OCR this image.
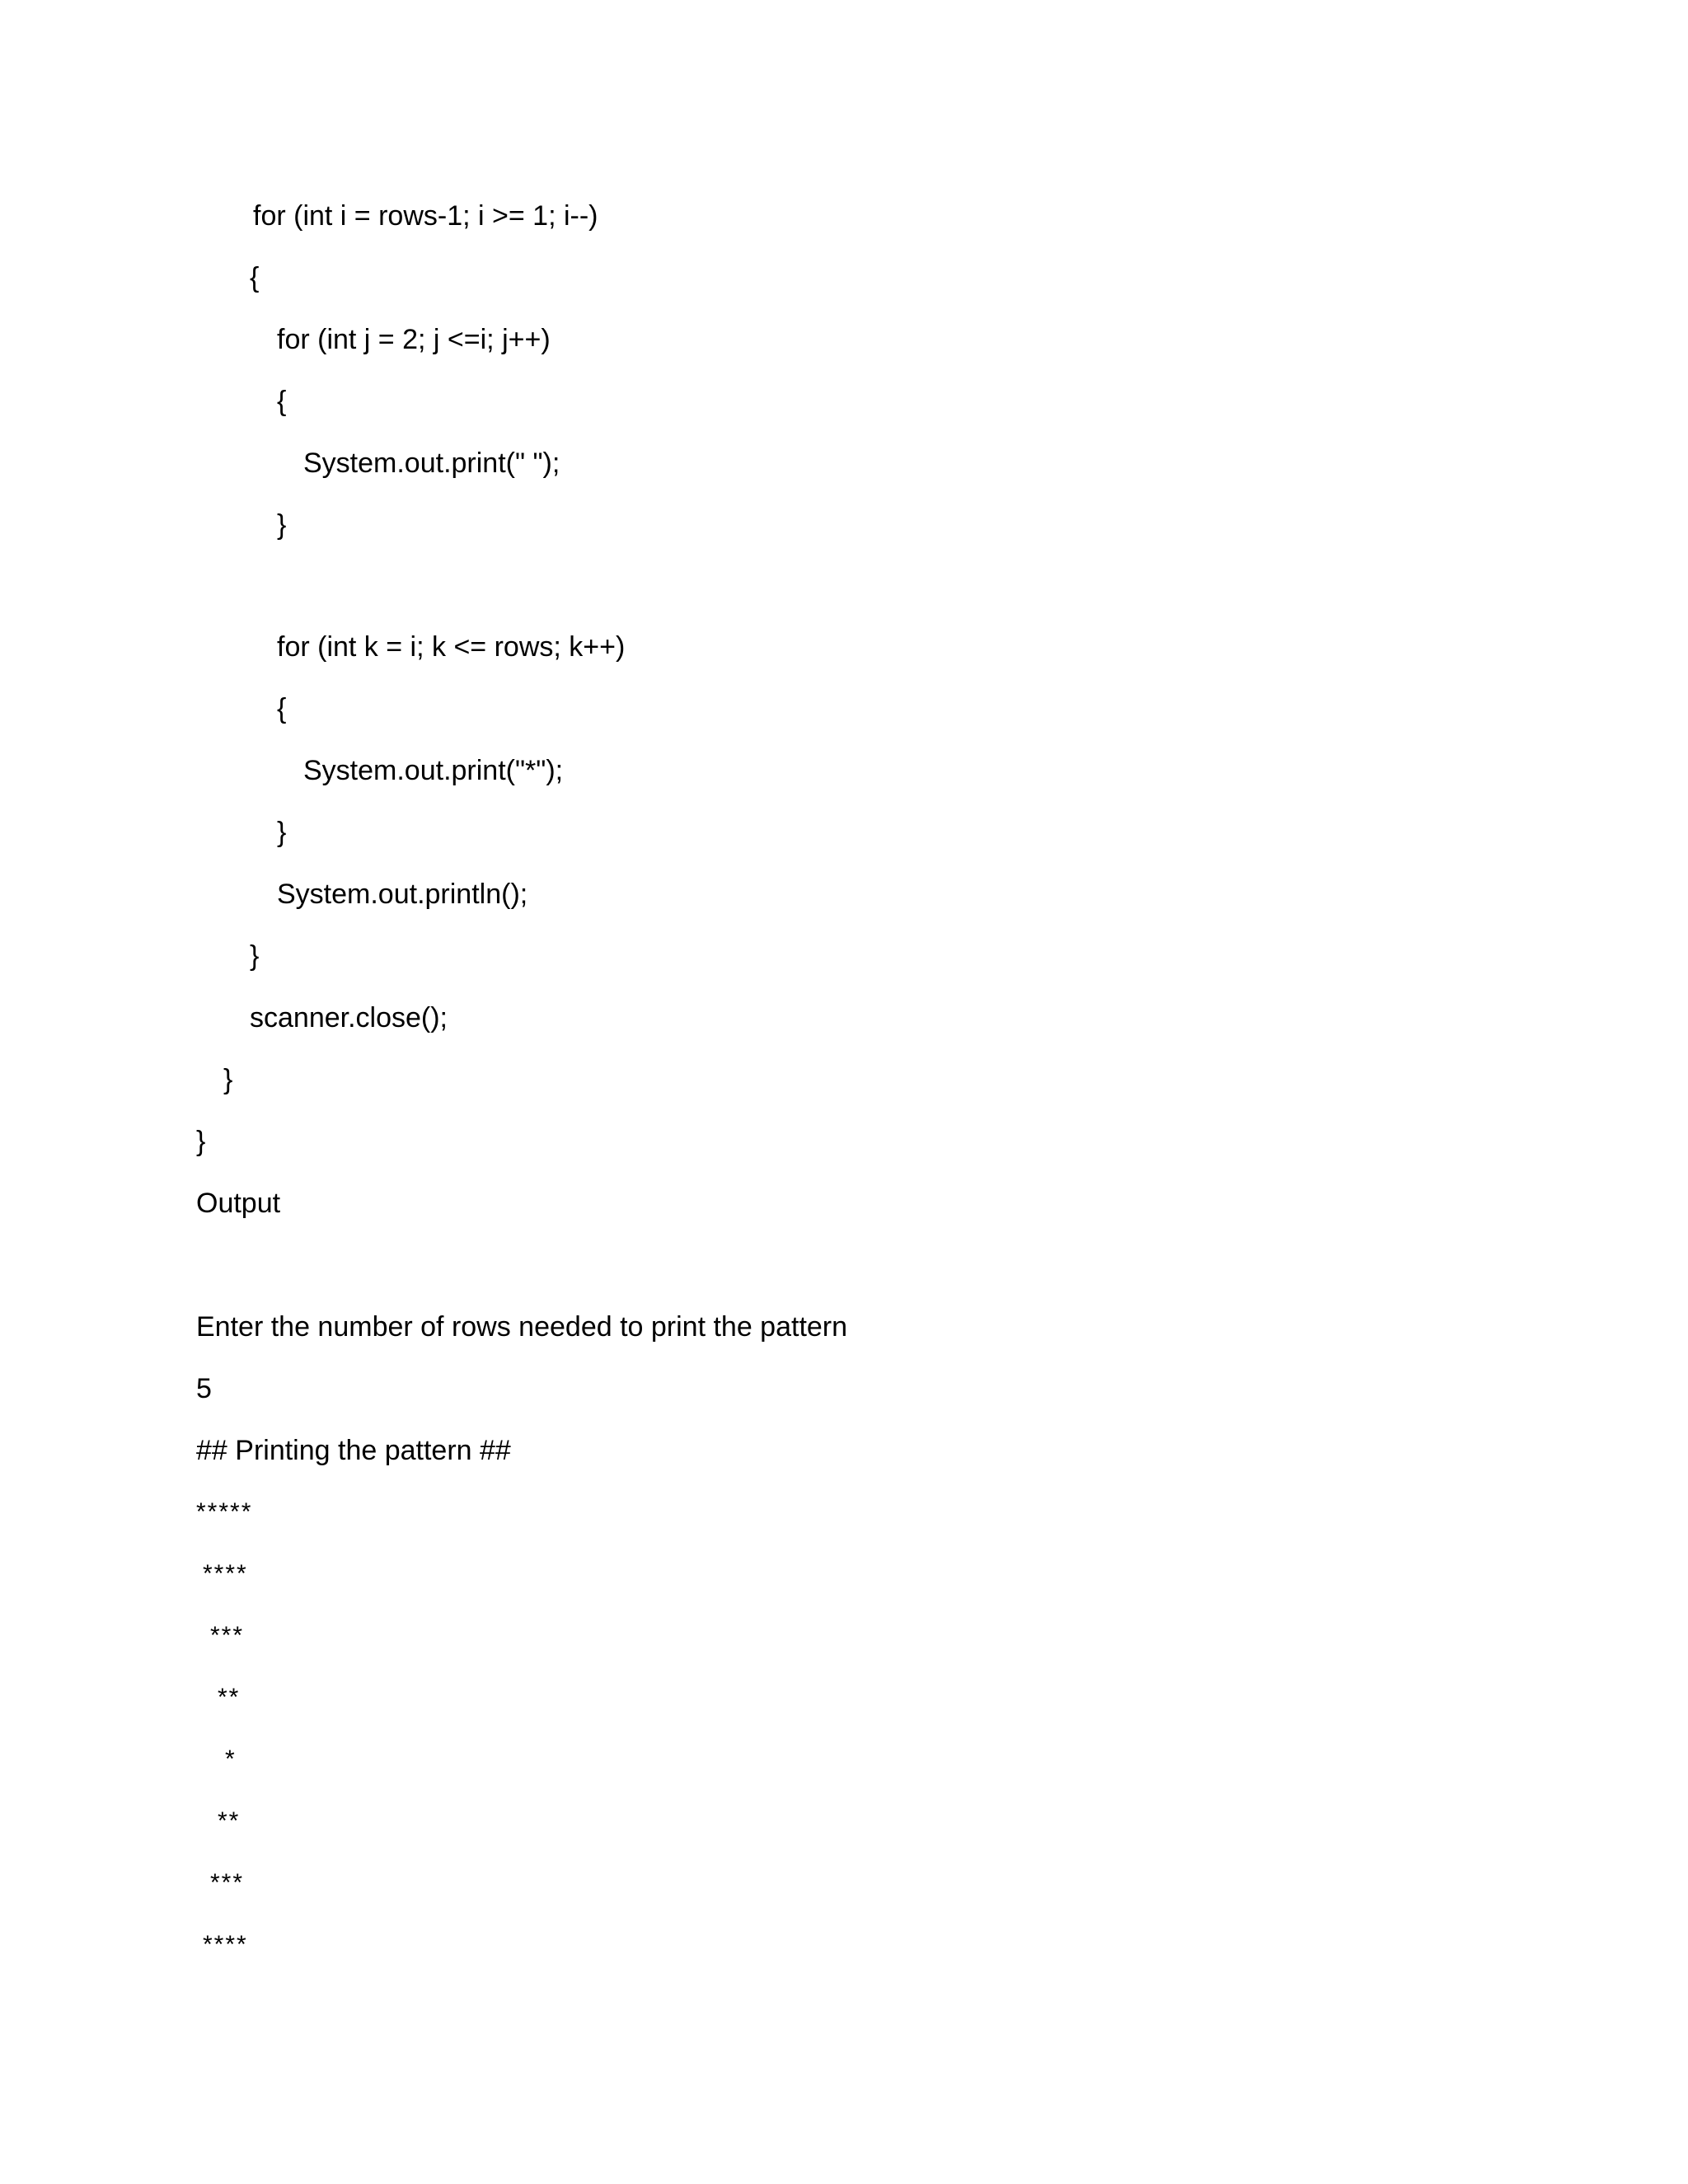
for (int i = rows-1; i >= 1; i--)
{
for (int j = 2; j <=i; j++)
{
System.out.print(" ");
}
for (int k = i; k <= rows; k++)
{
System.out.print("*");
}
System.out.println();
}
scanner.close();
}
}
Output
Enter the number of rows needed to print the pattern
5
## Printing the pattern ##
*****
****
***
**
*
**
***
****
